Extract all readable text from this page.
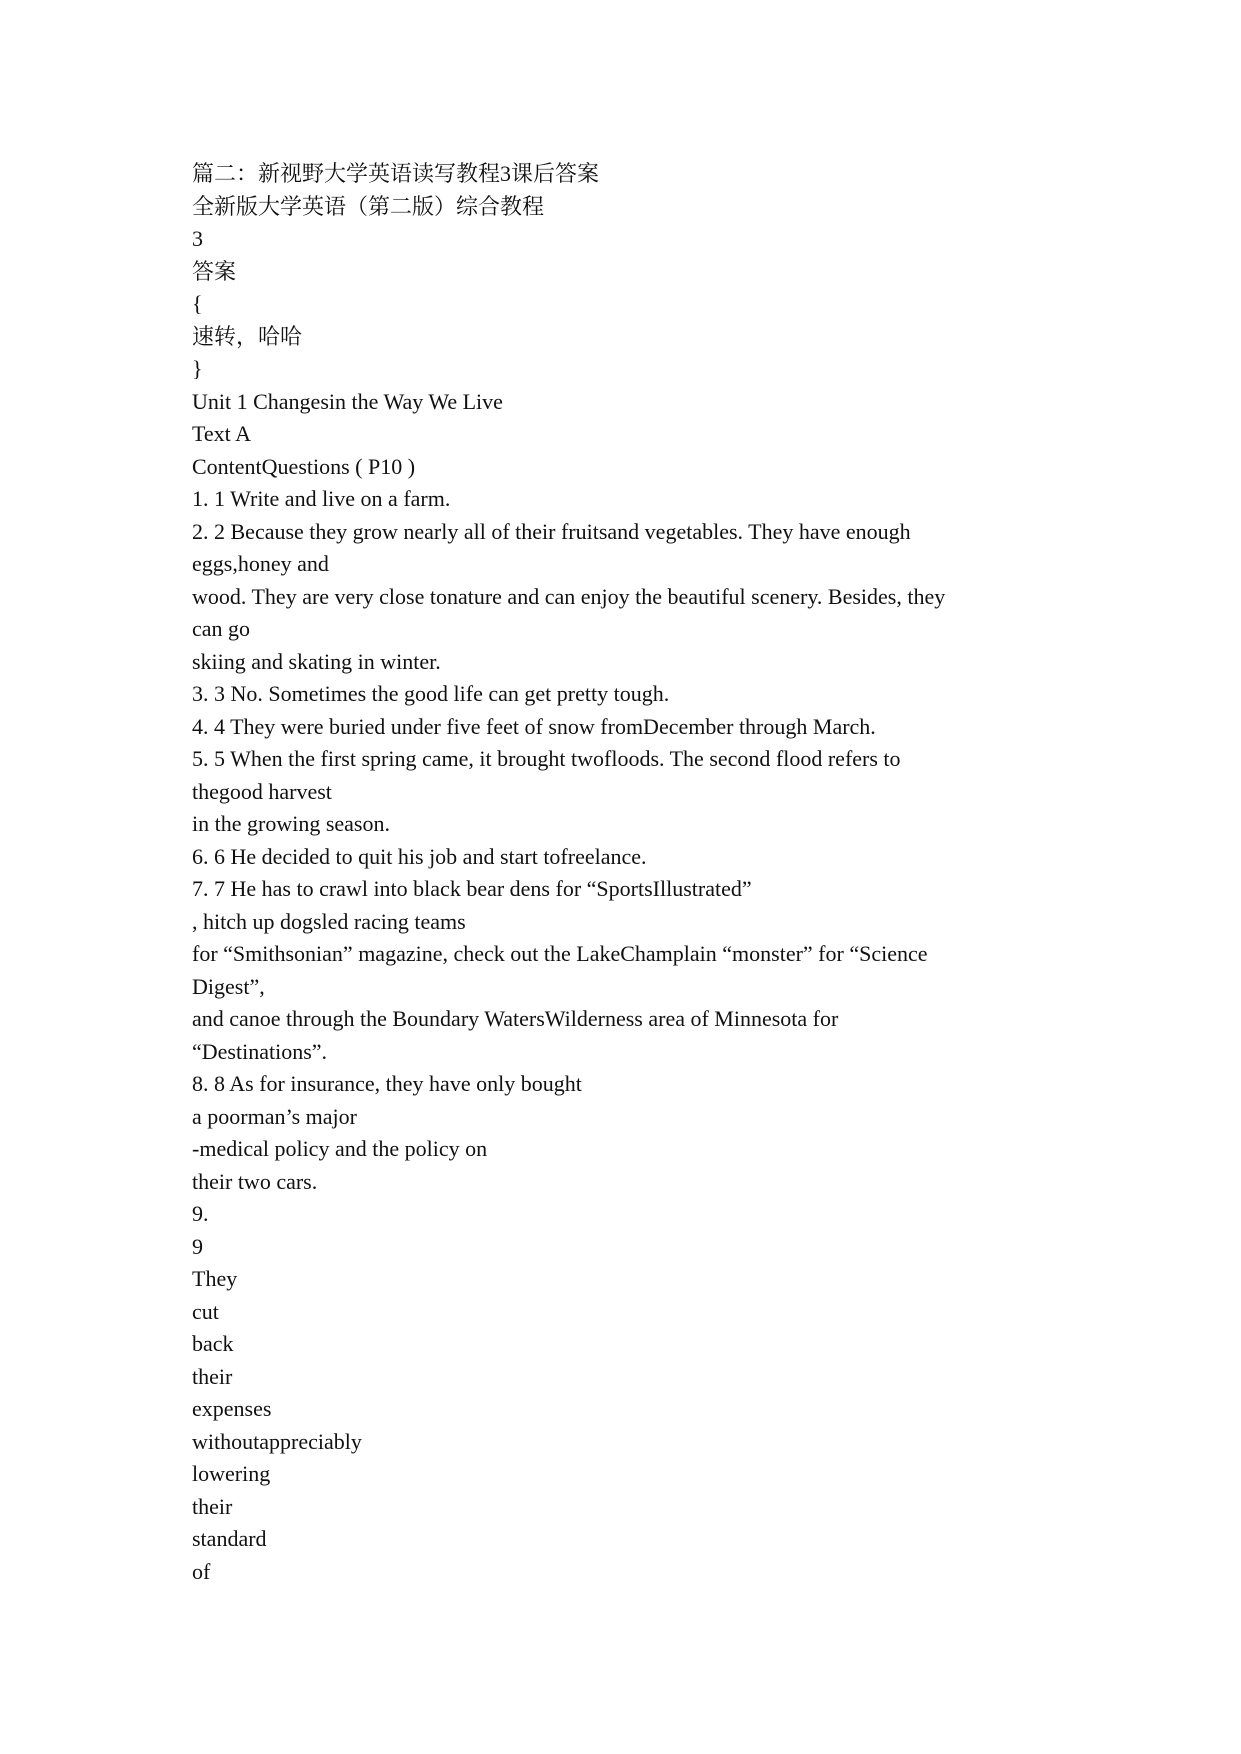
篇二：新视野大学英语读写教程3课后答案
全新版大学英语（第二版）综合教程
3
答案
{
速转，哈哈
}
Unit 1 Changesin the Way We Live
Text A
ContentQuestions ( P10 )
1. 1 Write and live on a farm.
2. 2 Because they grow nearly all of their fruitsand vegetables. They have enough
eggs,honey and
wood. They are very close tonature and can enjoy the beautiful scenery. Besides, they
can go
skiing and skating in winter.
3. 3 No. Sometimes the good life can get pretty tough.
4. 4 They were buried under five feet of snow fromDecember through March.
5. 5 When the first spring came, it brought twofloods. The second flood refers to
thegood harvest
in the growing season.
6. 6 He decided to quit his job and start tofreelance.
7. 7 He has to crawl into black bear dens for “SportsIllustrated”
, hitch up dogsled racing teams
for “Smithsonian” magazine, check out the LakeChamplain “monster” for “Science
Digest”,
and canoe through the Boundary WatersWilderness area of Minnesota for
“Destinations”.
8. 8 As for insurance, they have only bought
a poorman’s major
-medical policy and the policy on
their two cars.
9.
9
They
cut
back
their
expenses
withoutappreciably
lowering
their
standard
of
